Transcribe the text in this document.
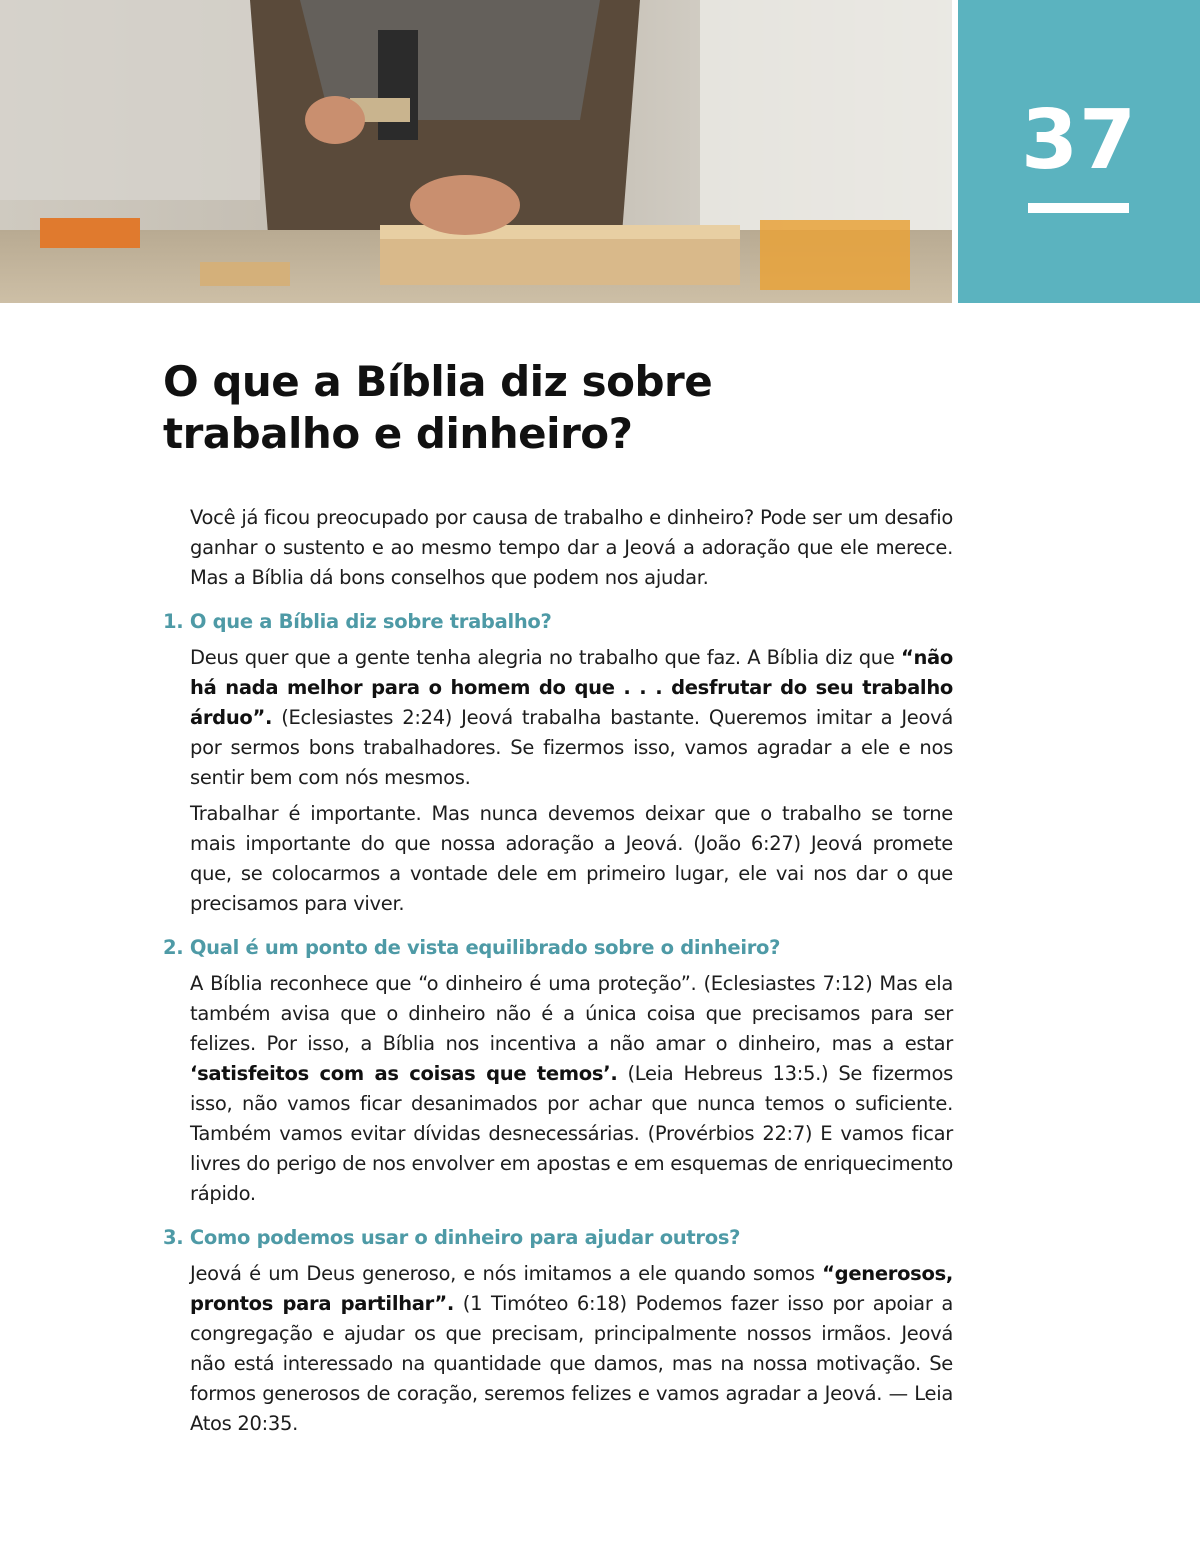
37
O que a Bíblia diz sobre trabalho e dinheiro?

Você já ficou preocupado por causa de trabalho e dinheiro? Pode ser um desafio ganhar o sustento e ao mesmo tempo dar a Jeová a adoração que ele merece. Mas a Bíblia dá bons conselhos que podem nos ajudar.

1. O que a Bíblia diz sobre trabalho?

Deus quer que a gente tenha alegria no trabalho que faz. A Bíblia diz que “não há nada melhor para o homem do que . . . desfrutar do seu trabalho árduo”. (Eclesiastes 2:24) Jeová trabalha bastante. Queremos imitar a Jeová por sermos bons trabalhadores. Se fizermos isso, vamos agradar a ele e nos sentir bem com nós mesmos.

Trabalhar é importante. Mas nunca devemos deixar que o trabalho se torne mais importante do que nossa adoração a Jeová. (João 6:27) Jeová promete que, se colocarmos a vontade dele em primeiro lugar, ele vai nos dar o que precisamos para viver.

2. Qual é um ponto de vista equilibrado sobre o dinheiro?

A Bíblia reconhece que “o dinheiro é uma proteção”. (Eclesiastes 7:12) Mas ela também avisa que o dinheiro não é a única coisa que precisamos para ser felizes. Por isso, a Bíblia nos incentiva a não amar o dinheiro, mas a estar ‘satisfeitos com as coisas que temos’. (Leia Hebreus 13:5.) Se fizermos isso, não vamos ficar desanimados por achar que nunca temos o suficiente. Também vamos evitar dívidas desnecessárias. (Provérbios 22:7) E vamos ficar livres do perigo de nos envolver em apostas e em esquemas de enriquecimento rápido.

3. Como podemos usar o dinheiro para ajudar outros?

Jeová é um Deus generoso, e nós imitamos a ele quando somos “generosos, prontos para partilhar”. (1 Timóteo 6:18) Podemos fazer isso por apoiar a congregação e ajudar os que precisam, principalmente nossos irmãos. Jeová não está interessado na quantidade que damos, mas na nossa motivação. Se formos generosos de coração, seremos felizes e vamos agradar a Jeová. — Leia Atos 20:35.
